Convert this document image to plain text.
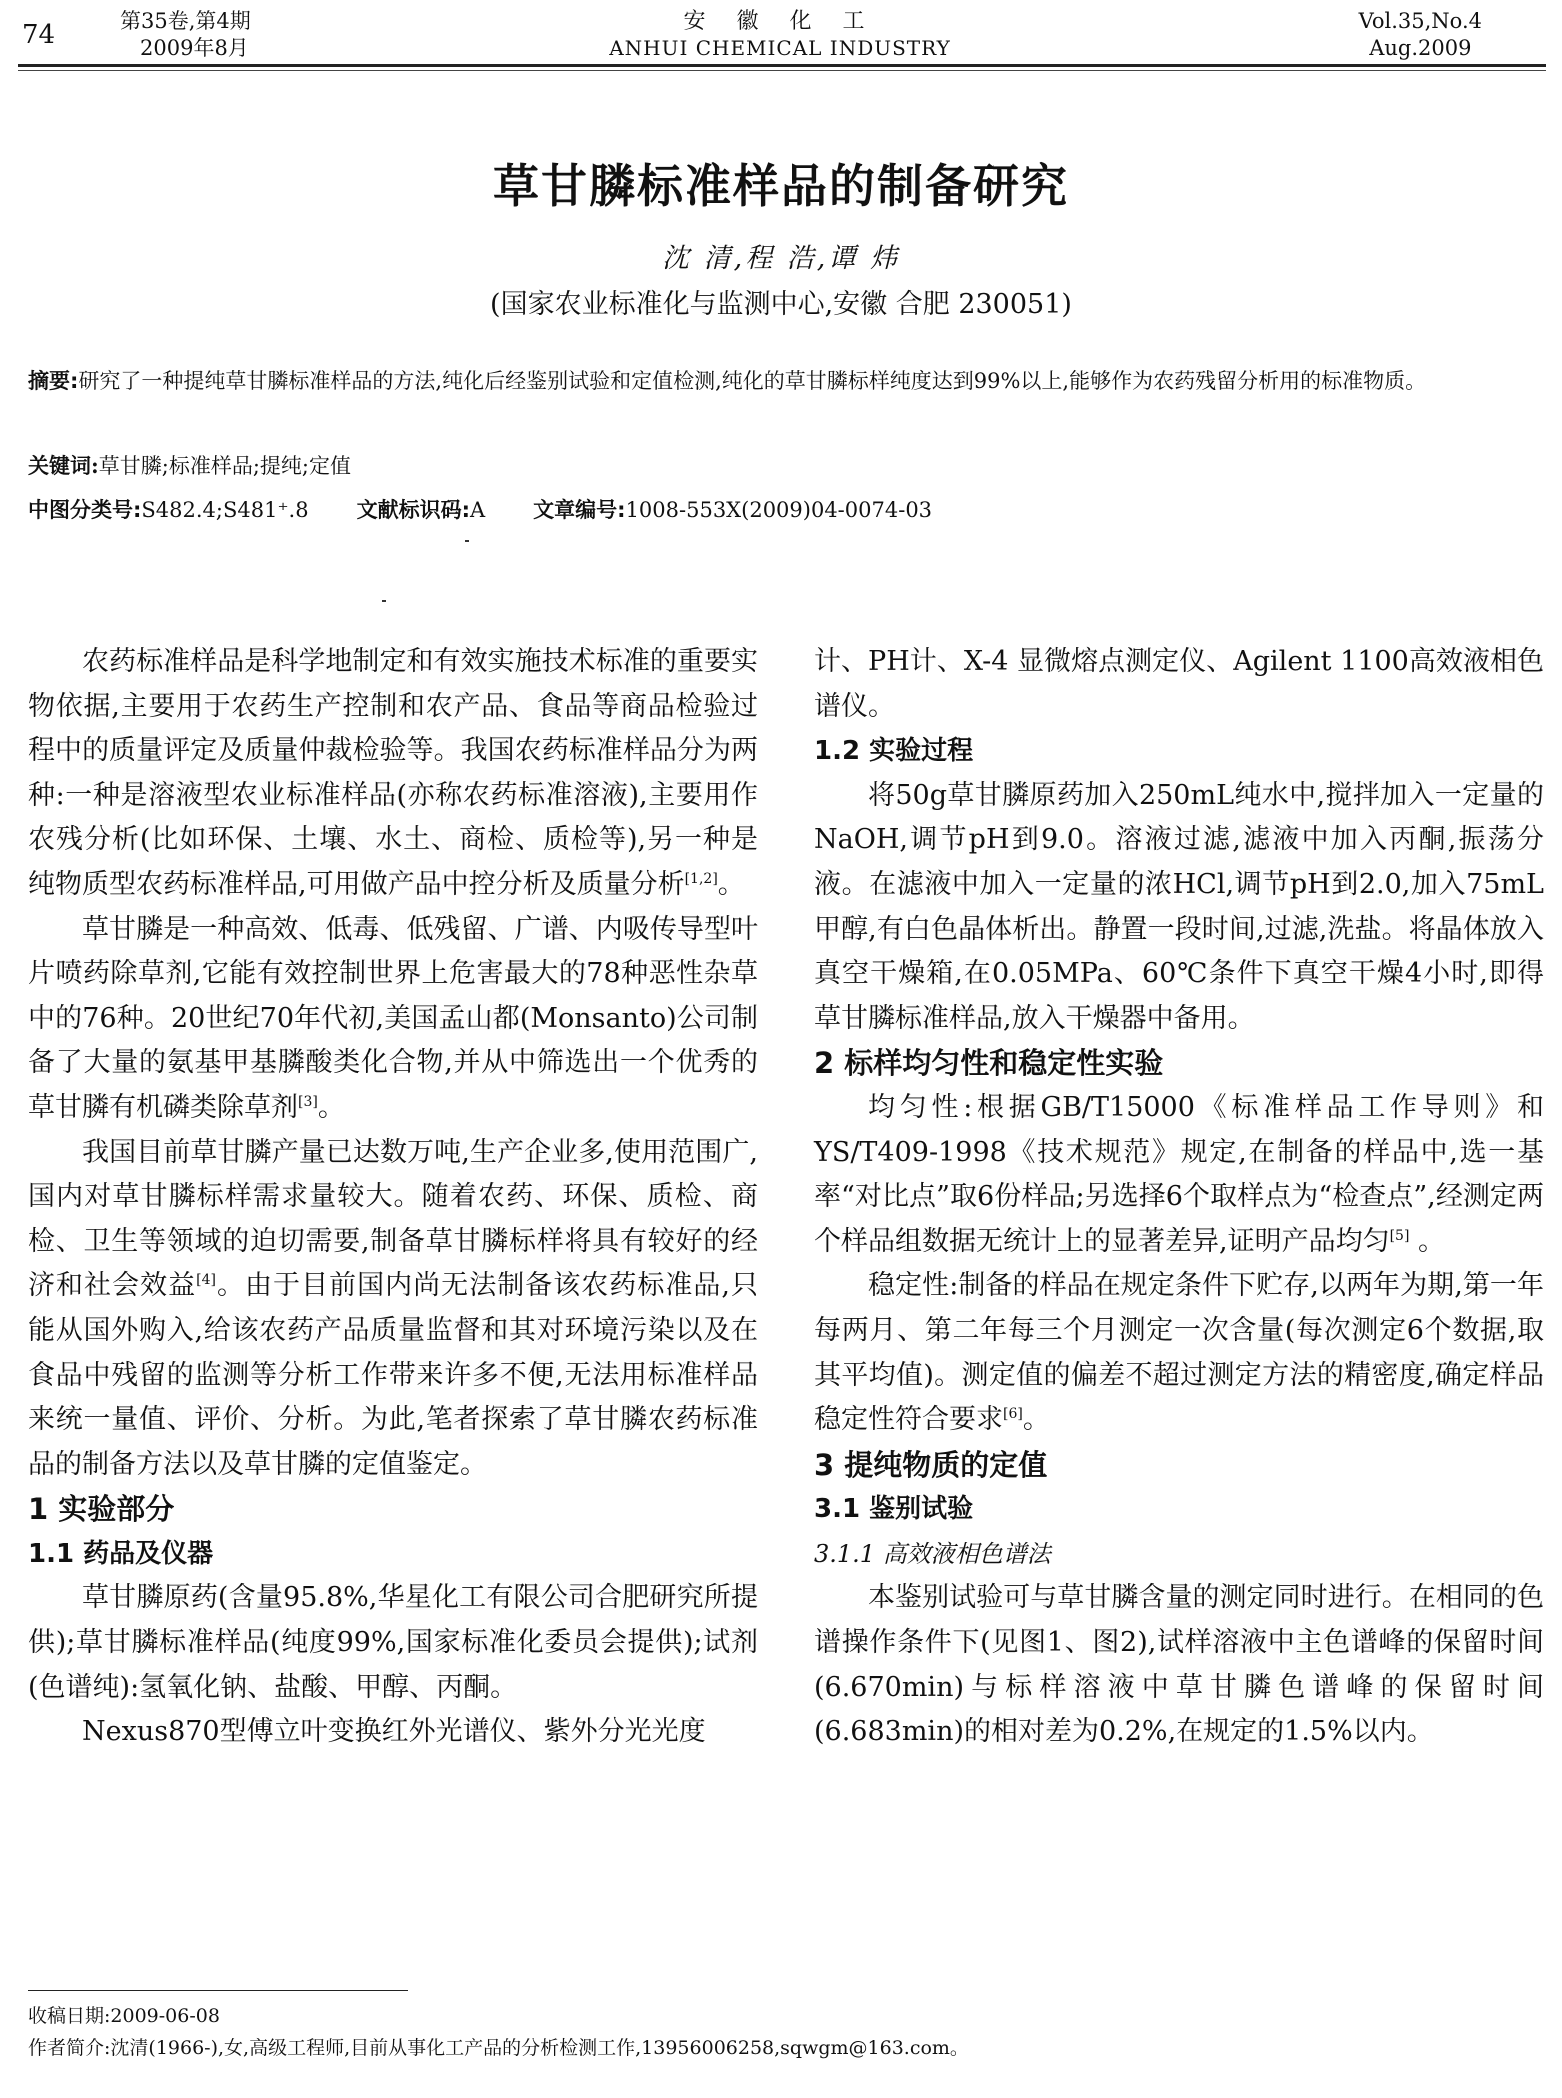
74	第35卷,第4期
2009年8月
安 徽 化 工
ANHUI CHEMICAL INDUSTRY
Vol.35,No.4
Aug.2009
草甘膦标准样品的制备研究
沈 清,程 浩,谭 炜
(国家农业标准化与监测中心,安徽 合肥 230051)
摘要:研究了一种提纯草甘膦标准样品的方法,纯化后经鉴别试验和定值检测,纯化的草甘膦标样纯度达到99%以上,能够作为农药残留分析用的标准物质。
关键词:草甘膦;标准样品;提纯;定值
中图分类号:S482.4;S481⁺.8 文献标识码:A 文章编号:1008-553X(2009)04-0074-03

农药标准样品是科学地制定和有效实施技术标准的重要实物依据,主要用于农药生产控制和农产品、食品等商品检验过程中的质量评定及质量仲裁检验等。我国农药标准样品分为两种:一种是溶液型农业标准样品(亦称农药标准溶液),主要用作农残分析(比如环保、土壤、水土、商检、质检等),另一种是纯物质型农药标准样品,可用做产品中控分析及质量分析[1,2]。

草甘膦是一种高效、低毒、低残留、广谱、内吸传导型叶片喷药除草剂,它能有效控制世界上危害最大的78种恶性杂草中的76种。20世纪70年代初,美国孟山都(Monsanto)公司制备了大量的氨基甲基膦酸类化合物,并从中筛选出一个优秀的草甘膦有机磷类除草剂[3]。

我国目前草甘膦产量已达数万吨,生产企业多,使用范围广,国内对草甘膦标样需求量较大。随着农药、环保、质检、商检、卫生等领域的迫切需要,制备草甘膦标样将具有较好的经济和社会效益[4]。由于目前国内尚无法制备该农药标准品,只能从国外购入,给该农药产品质量监督和其对环境污染以及在食品中残留的监测等分析工作带来许多不便,无法用标准样品来统一量值、评价、分析。为此,笔者探索了草甘膦农药标准品的制备方法以及草甘膦的定值鉴定。

1 实验部分
1.1 药品及仪器

草甘膦原药(含量95.8%,华星化工有限公司合肥研究所提供);草甘膦标准样品(纯度99%,国家标准化委员会提供);试剂(色谱纯):氢氧化钠、盐酸、甲醇、丙酮。

Nexus870型傅立叶变换红外光谱仪、紫外分光光度

计、PH计、X-4 显微熔点测定仪、Agilent 1100高效液相色谱仪。

1.2 实验过程

将50g草甘膦原药加入250mL纯水中,搅拌加入一定量的NaOH,调节pH到9.0。溶液过滤,滤液中加入丙酮,振荡分液。在滤液中加入一定量的浓HCl,调节pH到2.0,加入75mL甲醇,有白色晶体析出。静置一段时间,过滤,洗盐。将晶体放入真空干燥箱,在0.05MPa、60℃条件下真空干燥4小时,即得草甘膦标准样品,放入干燥器中备用。

2 标样均匀性和稳定性实验

均匀性:根据GB/T15000《标准样品工作导则》和YS/T409-1998《技术规范》规定,在制备的样品中,选一基率“对比点”取6份样品;另选择6个取样点为“检查点”,经测定两个样品组数据无统计上的显著差异,证明产品均匀[5] 。

稳定性:制备的样品在规定条件下贮存,以两年为期,第一年每两月、第二年每三个月测定一次含量(每次测定6个数据,取其平均值)。测定值的偏差不超过测定方法的精密度,确定样品稳定性符合要求[6]。

3 提纯物质的定值
3.1 鉴别试验
3.1.1 高效液相色谱法

本鉴别试验可与草甘膦含量的测定同时进行。在相同的色谱操作条件下(见图1、图2),试样溶液中主色谱峰的保留时间(6.670min)与标样溶液中草甘膦色谱峰的保留时间(6.683min)的相对差为0.2%,在规定的1.5%以内。

收稿日期:2009-06-08
作者简介:沈清(1966-),女,高级工程师,目前从事化工产品的分析检测工作,13956006258,sqwgm@163.com。
